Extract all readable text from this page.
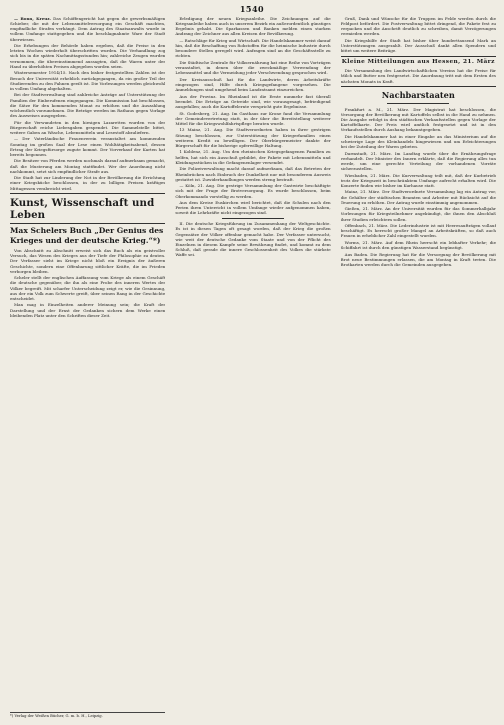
1540

— Bonn, Kreuz. Das Schöffengericht hat gegen die gewerbsmäßigen Schieber, die mit der Lebensmittelversorgung ein Geschäft machten, empfindliche Strafen verhängt. Dem Antrag des Staatsanwalts wurde in vollem Umfange stattgegeben und die beschlagnahmte Ware der Stadt überwiesen.

Die Erhebungen der Behörde haben ergeben, daß die Preise in den letzten Wochen wiederholt überschritten wurden. Die Verhandlung zog sich bis in die späten Nachmittagsstunden hin; zahlreiche Zeugen wurden vernommen, die übereinstimmend aussagten, daß die Waren unter der Hand zu überhöhten Preisen abgegeben worden seien.

Wintersemester 1914/15. Nach den bisher festgestellten Zahlen ist der Besuch der Universität erheblich zurückgegangen, da ein großer Teil der Studierenden zu den Fahnen geeilt ist. Die Vorlesungen werden gleichwohl in vollem Umfang abgehalten.

Bei der Stadtverwaltung sind zahlreiche Anträge auf Unterstützung der Familien der Einberufenen eingegangen. Die Kommission hat beschlossen, die Sätze für den kommenden Monat zu erhöhen und die Auszahlung wöchentlich vorzunehmen. Die Beträge werden im Rathaus gegen Vorlage des Ausweises ausgegeben.

Für die Verwundeten in den hiesigen Lazaretten wurden von der Bürgerschaft reiche Liebesgaben gespendet. Die Sammelstelle bittet, weitere Gaben an Wäsche, Lebensmitteln und Lesestoff abzuliefern.

— Der Vaterländische Frauenverein veranstaltet am kommenden Sonntag im großen Saal der Lese einen Wohltätigkeitsabend, dessen Ertrag der Kriegsfürsorge zugute kommt. Der Vorverkauf der Karten hat bereits begonnen.

Die Besitzer von Pferden werden nochmals darauf aufmerksam gemacht, daß die Musterung am Montag stattfindet. Wer der Anordnung nicht nachkommt, setzt sich empfindlicher Strafe aus.

Die Stadt hat zur Linderung der Not in der Bevölkerung die Errichtung einer Kriegsküche beschlossen, in der zu billigen Preisen kräftiges Mittagessen verabreicht wird.

Kunst, Wissenschaft und Leben
Max Schelers Buch „Der Genius des Krieges und der deutsche Krieg.“*)

Von Abschnitt zu Abschnitt erweist sich das Buch als ein geistvoller Versuch, das Wesen des Krieges aus der Tiefe der Philosophie zu deuten. Der Verfasser sieht im Kriege nicht bloß ein Ereignis der äußeren Geschichte, sondern eine Offenbarung sittlicher Kräfte, die im Frieden verborgen bleiben.

Scheler stellt der englischen Auffassung vom Kriege als einem Geschäft die deutsche gegenüber, die ihn als eine Probe des inneren Wertes der Völker begreift. Mit scharfer Unterscheidung zeigt er, wie die Gesinnung, aus der ein Volk zum Schwerte greift, über seinen Rang in der Geschichte entscheidet.

Man mag in Einzelheiten anderer Meinung sein; die Kraft der Darstellung und der Ernst der Gedanken sichern dem Werke einen bleibenden Platz unter den Schriften dieser Zeit.

*) Verlag der Weißen Bücher, G. m. b. H., Leipzig.

Erledigung der neuen Kriegsanleihe. Die Zeichnungen auf die Kriegsanleihe haben auch in unserem Bezirk ein außerordentlich günstiges Ergebnis gehabt. Die Sparkassen und Banken melden einen starken Andrang der Zeichner aus allen Kreisen der Bevölkerung.

— Ratschläge für Krieg und Wirtschaft. Die Handelskammer weist darauf hin, daß die Beschaffung von Rohstoffen für die heimische Industrie durch besondere Stellen geregelt wird. Anfragen sind an die Geschäftsstelle zu richten.

Die Städtische Zentrale für Volksernährung hat eine Reihe von Vorträgen veranstaltet, in denen über die zweckmäßige Verwendung der Lebensmittel und die Vermeidung jeder Verschwendung gesprochen wird.

Der Kreisausschuß hat für die Landwirte, deren Arbeitskräfte eingezogen sind, Hilfe durch Kriegsgefangene vorgesehen. Die Anmeldungen sind umgehend beim Landratsamt einzureichen.

Aus der Provinz. Im Rheinland ist die Ernte nunmehr fast überall beendet. Die Erträge an Getreide sind, wie vorausgesagt, befriedigend ausgefallen; auch die Kartoffelernte verspricht gute Ergebnisse.

St. Godesberg, 21. Aug. Im Gasthaus zur Krone fand die Versammlung der Gemeindevertretung statt, in der über die Bereitstellung weiterer Mittel für die Kriegswohlfahrtspflege beraten wurde.

13 Mainz, 21. Aug. Die Stadtverordneten haben in ihrer gestrigen Sitzung beschlossen, zur Unterstützung der Kriegerfamilien einen weiteren Kredit zu bewilligen. Der Oberbürgermeister dankte der Bürgerschaft für die bisherige opferwillige Haltung.

1 Koblenz, 21. Aug. Um den rheinischen Kriegsgefangenen Familien zu helfen, hat sich ein Ausschuß gebildet, der Pakete mit Lebensmitteln und Kleidungsstücken in die Gefangenenlager versendet.

Die Polizeiverwaltung macht darauf aufmerksam, daß das Betreten der Rheinbrücken nach Einbruch der Dunkelheit nur mit besonderem Ausweis gestattet ist. Zuwiderhandlungen werden streng bestraft.

— Köln, 21. Aug. Die gestrige Versammlung der Gastwirte beschäftigte sich mit der Frage der Brotversorgung. Es wurde beschlossen, beim Oberkommando vorstellig zu werden.

Aus dem Kreise Euskirchen wird berichtet, daß die Schulen nach den Ferien ihren Unterricht in vollem Umfange wieder aufgenommen haben, soweit die Lehrkräfte nicht eingezogen sind.

II. Die deutsche Kriegsführung im Zusammenhang der Weltgeschichte. Es ist in diesen Tagen oft gesagt worden, daß der Krieg die großen Gegensätze der Völker offenbar gemacht habe. Der Verfasser untersucht, wie weit der deutsche Gedanke vom Staate und von der Pflicht des Einzelnen in diesem Kampfe seine Bewährung findet, und kommt zu dem Schluß, daß gerade die innere Geschlossenheit des Volkes die stärkste Waffe sei.

Gruß, Dank und Wünsche für die Truppen im Felde werden durch die Feldpost befördert. Die Postverwaltung bittet dringend, die Pakete fest zu verpacken und die Anschrift deutlich zu schreiben, damit Verzögerungen vermieden werden.

Die Kriegshilfe der Stadt hat bisher über hunderttausend Mark an Unterstützungen ausgezahlt. Der Ausschuß dankt allen Spendern und bittet um weitere Beiträge.

Kleine Mitteilungen aus Hessen, 21. März

Die Versammlung des Landwirtschaftlichen Vereins hat die Preise für Milch und Butter neu festgesetzt. Die Anordnung tritt mit dem Ersten des nächsten Monats in Kraft.

Nachbarstaaten

Frankfurt a. M., 21. März. Der Magistrat hat beschlossen, die Versorgung der Bevölkerung mit Kartoffeln selbst in die Hand zu nehmen. Die Ausgabe erfolgt in den städtischen Verkaufsstellen gegen Vorlage der Kartoffelkarte. Der Preis wird amtlich festgesetzt und ist in den Verkaufsstellen durch Aushang bekanntgegeben.

Die Handelskammer hat in einer Eingabe an das Ministerium auf die schwierige Lage des Kleinhandels hingewiesen und um Erleichterungen bei der Zuteilung der Waren gebeten.

Darmstadt, 21. März. Im Landtag wurde über die Ernährungsfrage verhandelt. Der Minister des Innern erklärte, daß die Regierung alles tun werde, um eine gerechte Verteilung der vorhandenen Vorräte sicherzustellen.

Wiesbaden, 21. März. Die Kurverwaltung teilt mit, daß der Kurbetrieb trotz der Kriegszeit in beschränktem Umfange aufrecht erhalten wird. Die Konzerte finden wie bisher im Kurhause statt.

Mainz, 21. März. Der Stadtverordnete Versammlung lag ein Antrag vor, die Gehälter der städtischen Beamten und Arbeiter mit Rücksicht auf die Teuerung zu erhöhen. Der Antrag wurde einstimmig angenommen.

Gießen, 21. März. An der Universität wurden für das Sommerhalbjahr Vorlesungen für Kriegsteilnehmer angekündigt, die ihnen den Abschluß ihrer Studien erleichtern sollen.

Offenbach, 21. März. Die Lederindustrie ist mit Heeresaufträgen vollauf beschäftigt. Es herrscht großer Mangel an Arbeitskräften, so daß auch Frauen in erheblicher Zahl eingestellt wurden.

Worms, 21. März. Auf dem Rhein herrscht ein lebhafter Verkehr; die Schiffahrt ist durch den günstigen Wasserstand begünstigt.

Aus Baden. Die Regierung hat für die Versorgung der Bevölkerung mit Brot neue Bestimmungen erlassen, die am Montag in Kraft treten. Die Brotkarten werden durch die Gemeinden ausgegeben.
